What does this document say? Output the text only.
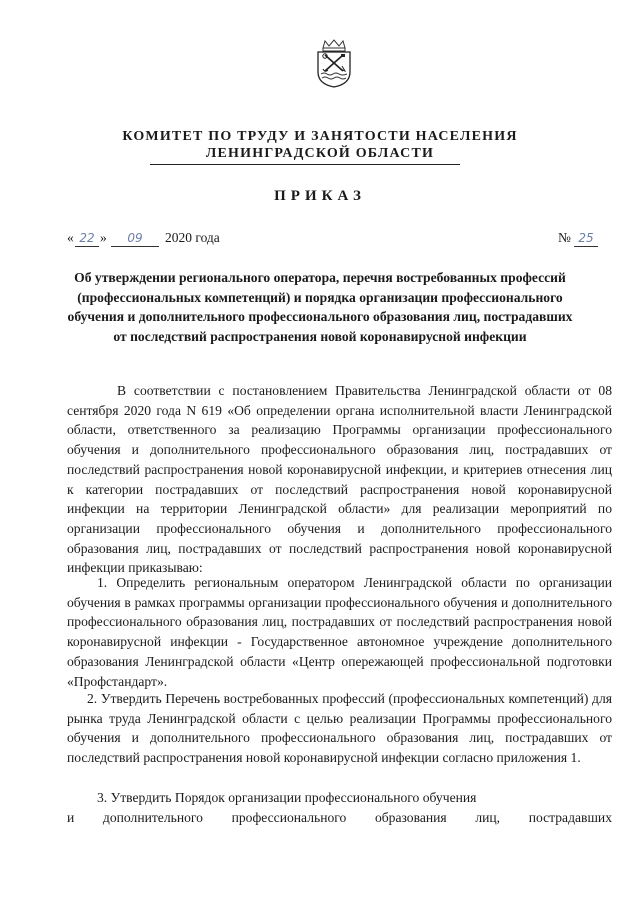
КОМИТЕТ ПО ТРУДУ И ЗАНЯТОСТИ НАСЕЛЕНИЯ
ЛЕНИНГРАДСКОЙ ОБЛАСТИ
ПРИКАЗ
« 22 »	09	2020 года	№ 25
Об утверждении регионального оператора, перечня востребованных профессий (профессиональных компетенций) и порядка организации профессионального обучения и дополнительного профессионального образования лиц, пострадавших от последствий распространения новой коронавирусной инфекции
В соответствии с постановлением Правительства Ленинградской области от 08 сентября 2020 года N 619 «Об определении органа исполнительной власти Ленинградской области, ответственного за реализацию Программы организации профессионального обучения и дополнительного профессионального образования лиц, пострадавших от последствий распространения новой коронавирусной инфекции, и критериев отнесения лиц к категории пострадавших от последствий распространения новой коронавирусной инфекции на территории Ленинградской области» для реализации мероприятий по организации профессионального обучения и дополнительного профессионального образования лиц, пострадавших от последствий распространения новой коронавирусной инфекции приказываю:
1. Определить региональным оператором Ленинградской области по организации обучения в рамках программы организации профессионального обучения и дополнительного профессионального образования лиц, пострадавших от последствий распространения новой коронавирусной инфекции - Государственное автономное учреждение дополнительного образования Ленинградской области «Центр опережающей профессиональной подготовки «Профстандарт».
2. Утвердить Перечень востребованных профессий (профессиональных компетенций) для рынка труда Ленинградской области с целью реализации Программы профессионального обучения и дополнительного профессионального образования лиц, пострадавших от последствий распространения новой коронавирусной инфекции согласно приложения 1.
3. Утвердить Порядок организации профессионального обучения
и дополнительного профессионального образования лиц, пострадавших
